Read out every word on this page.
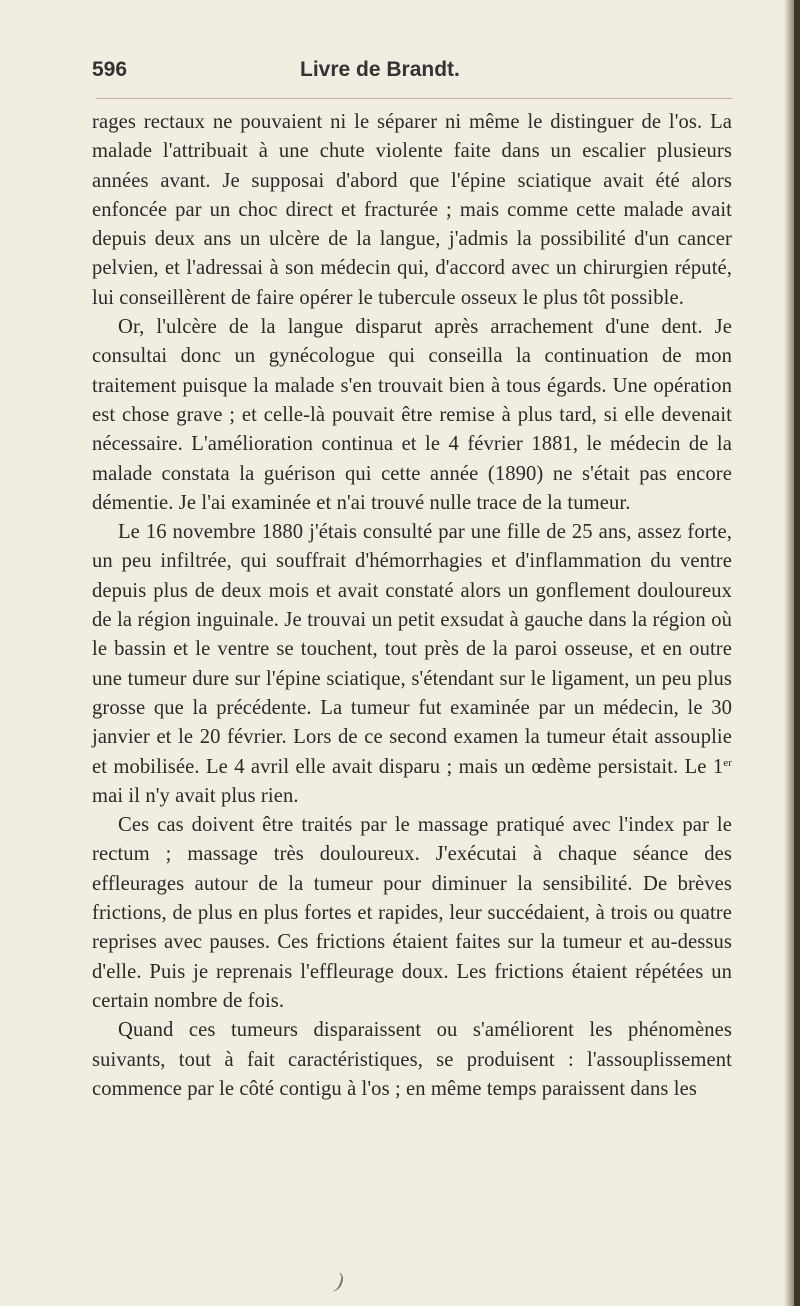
596	Livre de Brandt.

rages rectaux ne pouvaient ni le séparer ni même le distinguer de l'os. La malade l'attribuait à une chute violente faite dans un escalier plusieurs années avant. Je supposai d'abord que l'épine sciatique avait été alors enfoncée par un choc direct et fracturée ; mais comme cette malade avait depuis deux ans un ulcère de la langue, j'admis la possibilité d'un cancer pelvien, et l'adressai à son médecin qui, d'accord avec un chirurgien réputé, lui conseillèrent de faire opérer le tubercule osseux le plus tôt possible.

Or, l'ulcère de la langue disparut après arrachement d'une dent. Je consultai donc un gynécologue qui conseilla la continuation de mon traitement puisque la malade s'en trouvait bien à tous égards. Une opération est chose grave ; et celle-là pouvait être remise à plus tard, si elle devenait nécessaire. L'amélioration continua et le 4 février 1881, le médecin de la malade constata la guérison qui cette année (1890) ne s'était pas encore démentie. Je l'ai examinée et n'ai trouvé nulle trace de la tumeur.

Le 16 novembre 1880 j'étais consulté par une fille de 25 ans, assez forte, un peu infiltrée, qui souffrait d'hémorrhagies et d'inflammation du ventre depuis plus de deux mois et avait constaté alors un gonflement douloureux de la région inguinale. Je trouvai un petit exsudat à gauche dans la région où le bassin et le ventre se touchent, tout près de la paroi osseuse, et en outre une tumeur dure sur l'épine sciatique, s'étendant sur le ligament, un peu plus grosse que la précédente. La tumeur fut examinée par un médecin, le 30 janvier et le 20 février. Lors de ce second examen la tumeur était assouplie et mobilisée. Le 4 avril elle avait disparu ; mais un œdème persistait. Le 1er mai il n'y avait plus rien.

Ces cas doivent être traités par le massage pratiqué avec l'index par le rectum ; massage très douloureux. J'exécutai à chaque séance des effleurages autour de la tumeur pour diminuer la sensibilité. De brèves frictions, de plus en plus fortes et rapides, leur succédaient, à trois ou quatre reprises avec pauses. Ces frictions étaient faites sur la tumeur et au-dessus d'elle. Puis je reprenais l'effleurage doux. Les frictions étaient répétées un certain nombre de fois.

Quand ces tumeurs disparaissent ou s'améliorent les phénomènes suivants, tout à fait caractéristiques, se produisent : l'assouplissement commence par le côté contigu à l'os ; en même temps paraissent dans les

)
